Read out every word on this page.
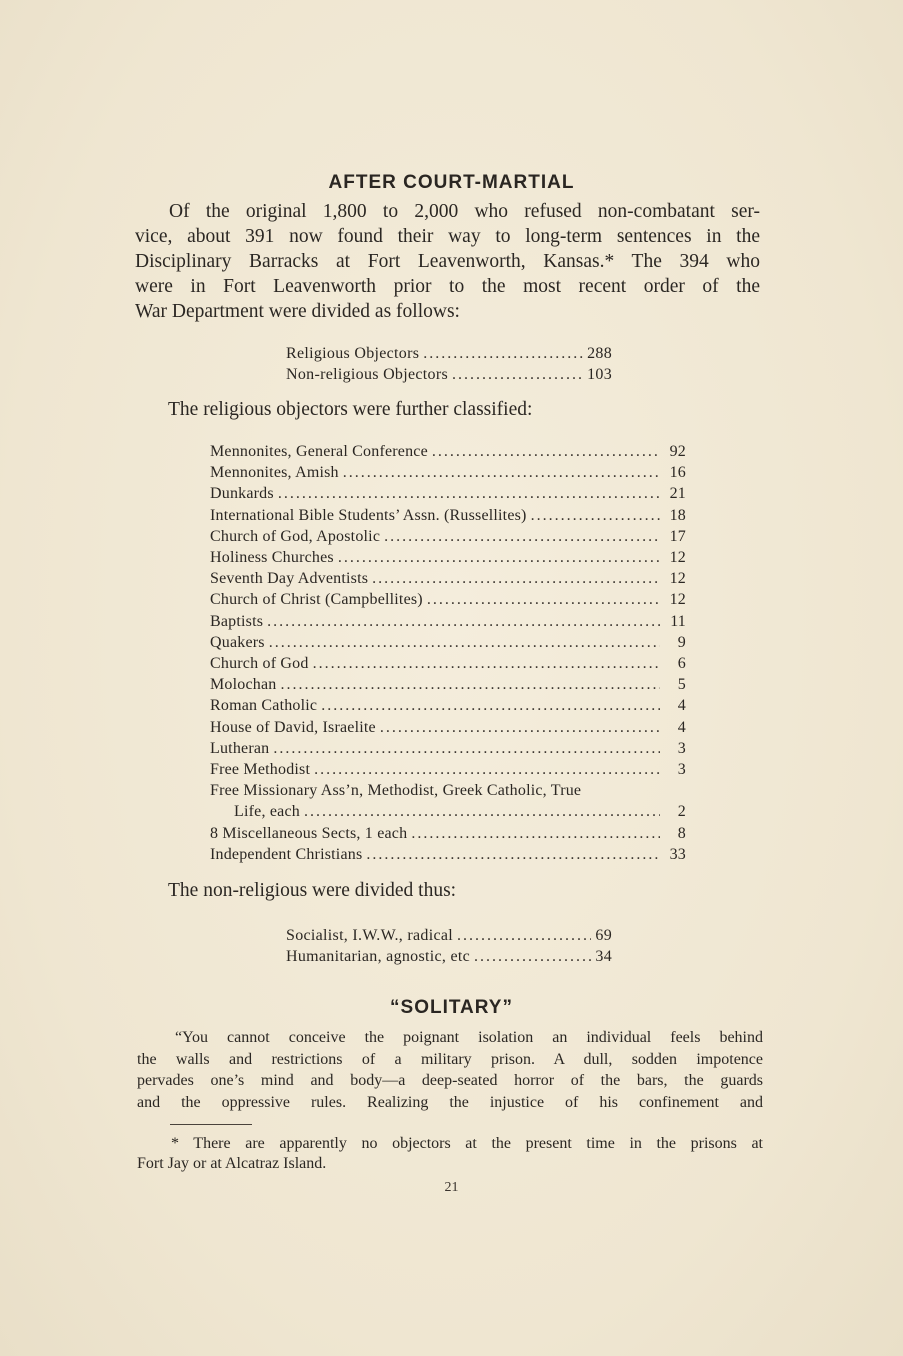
AFTER COURT-MARTIAL
Of the original 1,800 to 2,000 who refused non-combatant ser-
vice, about 391 now found their way to long-term sentences in the
Disciplinary Barracks at Fort Leavenworth, Kansas.* The 394 who
were in Fort Leavenworth prior to the most recent order of the
War Department were divided as follows:
Religious Objectors . . .	288
Non-religious Objectors . . .	103
The religious objectors were further classified:
Mennonites, General Conference . . .	92
Mennonites, Amish . . .	16
Dunkards . . .	21
International Bible Students’ Assn. (Russellites) . . .	18
Church of God, Apostolic . . .	17
Holiness Churches . . .	12
Seventh Day Adventists . . .	12
Church of Christ (Campbellites) . . .	12
Baptists . . .	11
Quakers . . .	9
Church of God . . .	6
Molochan . . .	5
Roman Catholic . . .	4
House of David, Israelite . . .	4
Lutheran . . .	3
Free Methodist . . .	3
Free Missionary Ass’n, Methodist, Greek Catholic, True
Life, each . . .	2
8 Miscellaneous Sects, 1 each . . .	8
Independent Christians . . .	33
The non-religious were divided thus:
Socialist, I.W.W., radical . . .	69
Humanitarian, agnostic, etc . . .	34
“SOLITARY”
“You cannot conceive the poignant isolation an individual feels behind
the walls and restrictions of a military prison. A dull, sodden impotence
pervades one’s mind and body—a deep-seated horror of the bars, the guards
and the oppressive rules. Realizing the injustice of his confinement and
* There are apparently no objectors at the present time in the prisons at
Fort Jay or at Alcatraz Island.
21
